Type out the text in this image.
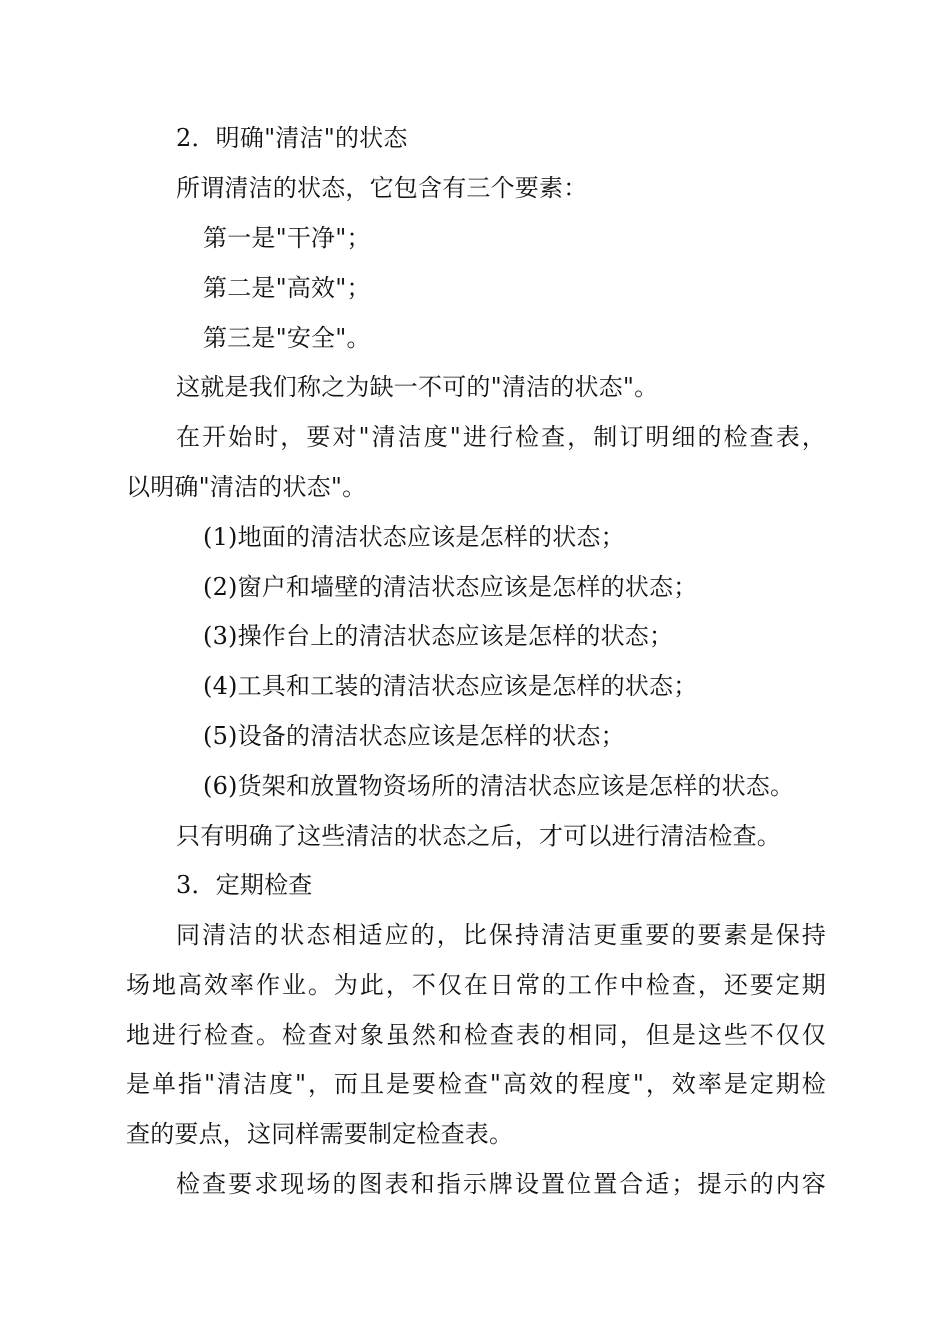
2．明确"清洁"的状态
所谓清洁的状态，它包含有三个要素：
第一是"干净"；
第二是"高效"；
第三是"安全"。
这就是我们称之为缺一不可的"清洁的状态"。
在开始时，要对"清洁度"进行检查，制订明细的检查表，
以明确"清洁的状态"。
(1)地面的清洁状态应该是怎样的状态；
(2)窗户和墙壁的清洁状态应该是怎样的状态；
(3)操作台上的清洁状态应该是怎样的状态；
(4)工具和工装的清洁状态应该是怎样的状态；
(5)设备的清洁状态应该是怎样的状态；
(6)货架和放置物资场所的清洁状态应该是怎样的状态。
只有明确了这些清洁的状态之后，才可以进行清洁检查。
3．定期检查
同清洁的状态相适应的，比保持清洁更重要的要素是保持
场地高效率作业。为此，不仅在日常的工作中检查，还要定期
地进行检查。检查对象虽然和检查表的相同，但是这些不仅仅
是单指"清洁度"，而且是要检查"高效的程度"，效率是定期检
查的要点，这同样需要制定检查表。
检查要求现场的图表和指示牌设置位置合适；提示的内容
